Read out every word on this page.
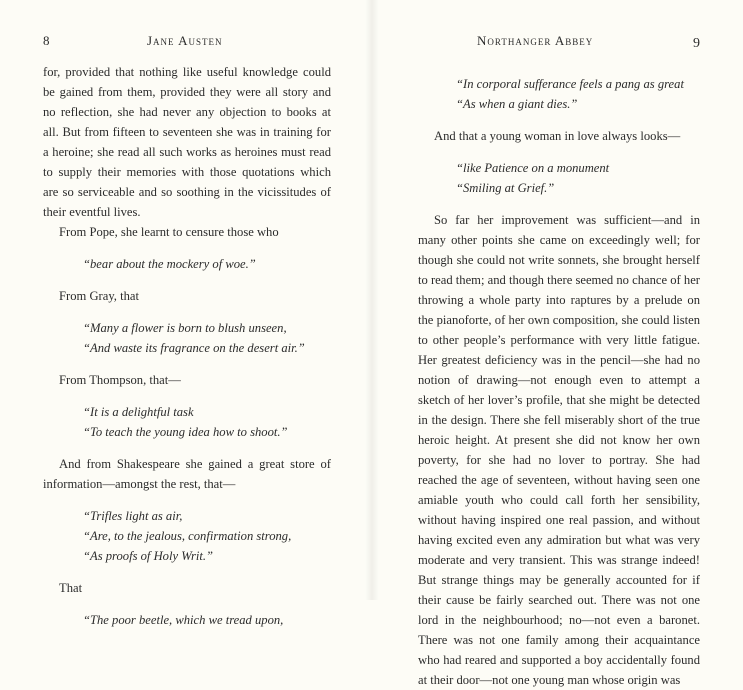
8	Jane Austen

for, provided that nothing like useful knowledge could be gained from them, provided they were all story and no reflection, she had never any objection to books at all. But from fifteen to seventeen she was in training for a heroine; she read all such works as heroines must read to supply their memories with those quotations which are so serviceable and so soothing in the vicissitudes of their eventful lives.

From Pope, she learnt to censure those who

“bear about the mockery of woe.”

From Gray, that

“Many a flower is born to blush unseen,
“And waste its fragrance on the desert air.”

From Thompson, that—

“It is a delightful task
“To teach the young idea how to shoot.”

And from Shakespeare she gained a great store of information—amongst the rest, that—

“Trifles light as air,
“Are, to the jealous, confirmation strong,
“As proofs of Holy Writ.”

That

“The poor beetle, which we tread upon,
Northanger Abbey	9
“In corporal sufferance feels a pang as great
“As when a giant dies.”

And that a young woman in love always looks—

“like Patience on a monument
“Smiling at Grief.”

So far her improvement was sufficient—and in many other points she came on exceedingly well; for though she could not write sonnets, she brought herself to read them; and though there seemed no chance of her throwing a whole party into raptures by a prelude on the pianoforte, of her own composition, she could listen to other people’s performance with very little fatigue. Her greatest deficiency was in the pencil—she had no notion of drawing—not enough even to attempt a sketch of her lover’s profile, that she might be detected in the design. There she fell miserably short of the true heroic height. At present she did not know her own poverty, for she had no lover to portray. She had reached the age of seventeen, without having seen one amiable youth who could call forth her sensibility, without having inspired one real passion, and without having excited even any admiration but what was very moderate and very transient. This was strange indeed! But strange things may be generally accounted for if their cause be fairly searched out. There was not one lord in the neighbourhood; no—not even a baronet. There was not one family among their acquaintance who had reared and supported a boy accidentally found at their door—not one young man whose origin was
